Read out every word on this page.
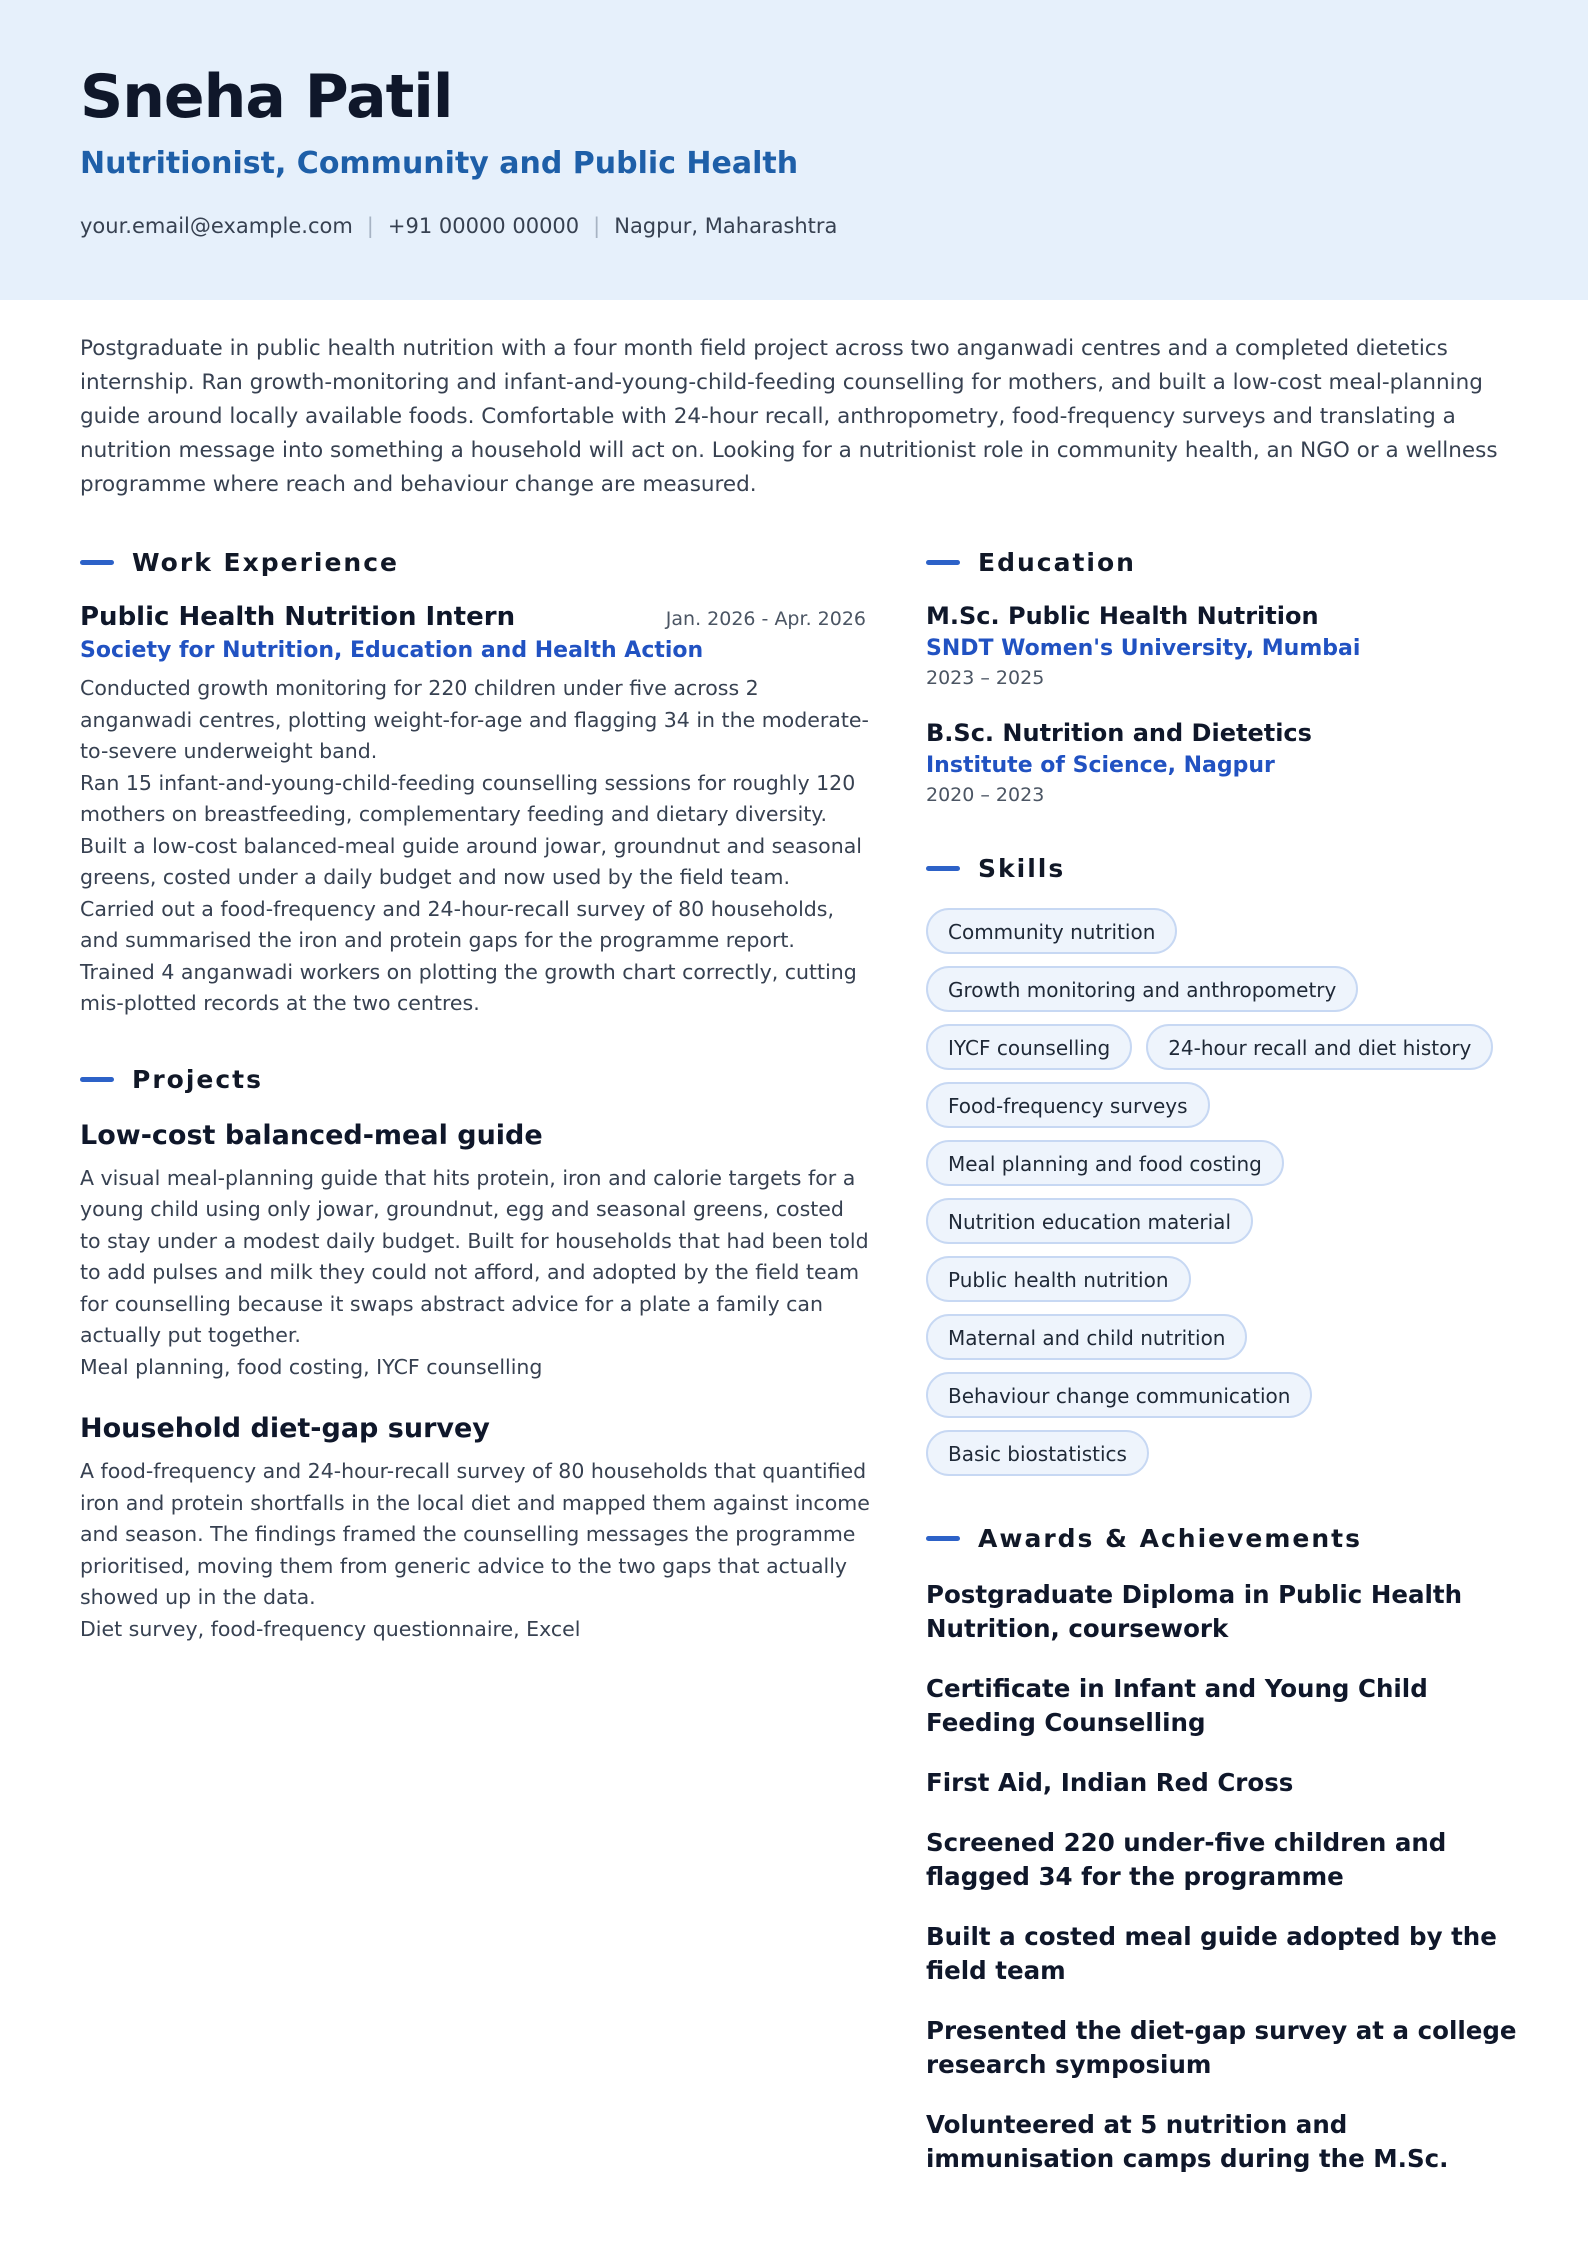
Sneha Patil
Nutritionist, Community and Public Health
your.email@example.com | +91 00000 00000 | Nagpur, Maharashtra

Postgraduate in public health nutrition with a four month field project across two anganwadi centres and a completed dietetics internship. Ran growth-monitoring and infant-and-young-child-feeding counselling for mothers, and built a low-cost meal-planning guide around locally available foods. Comfortable with 24-hour recall, anthropometry, food-frequency surveys and translating a nutrition message into something a household will act on. Looking for a nutritionist role in community health, an NGO or a wellness programme where reach and behaviour change are measured.

Work Experience
Public Health Nutrition Intern	Jan. 2026 - Apr. 2026
Society for Nutrition, Education and Health Action
Conducted growth monitoring for 220 children under five across 2 anganwadi centres, plotting weight-for-age and flagging 34 in the moderate-to-severe underweight band.
Ran 15 infant-and-young-child-feeding counselling sessions for roughly 120 mothers on breastfeeding, complementary feeding and dietary diversity.
Built a low-cost balanced-meal guide around jowar, groundnut and seasonal greens, costed under a daily budget and now used by the field team.
Carried out a food-frequency and 24-hour-recall survey of 80 households, and summarised the iron and protein gaps for the programme report.
Trained 4 anganwadi workers on plotting the growth chart correctly, cutting mis-plotted records at the two centres.
Projects
Low-cost balanced-meal guide
A visual meal-planning guide that hits protein, iron and calorie targets for a young child using only jowar, groundnut, egg and seasonal greens, costed to stay under a modest daily budget. Built for households that had been told to add pulses and milk they could not afford, and adopted by the field team for counselling because it swaps abstract advice for a plate a family can actually put together.
Meal planning, food costing, IYCF counselling
Household diet-gap survey
A food-frequency and 24-hour-recall survey of 80 households that quantified iron and protein shortfalls in the local diet and mapped them against income and season. The findings framed the counselling messages the programme prioritised, moving them from generic advice to the two gaps that actually showed up in the data.
Diet survey, food-frequency questionnaire, Excel
Education
M.Sc. Public Health Nutrition
SNDT Women's University, Mumbai
2023 – 2025
B.Sc. Nutrition and Dietetics
Institute of Science, Nagpur
2020 – 2023
Skills
Community nutrition
Growth monitoring and anthropometry
IYCF counselling	24-hour recall and diet history
Food-frequency surveys
Meal planning and food costing
Nutrition education material
Public health nutrition
Maternal and child nutrition
Behaviour change communication
Basic biostatistics
Awards & Achievements
Postgraduate Diploma in Public Health Nutrition, coursework
Certificate in Infant and Young Child Feeding Counselling
First Aid, Indian Red Cross
Screened 220 under-five children and flagged 34 for the programme
Built a costed meal guide adopted by the field team
Presented the diet-gap survey at a college research symposium
Volunteered at 5 nutrition and immunisation camps during the M.Sc.
